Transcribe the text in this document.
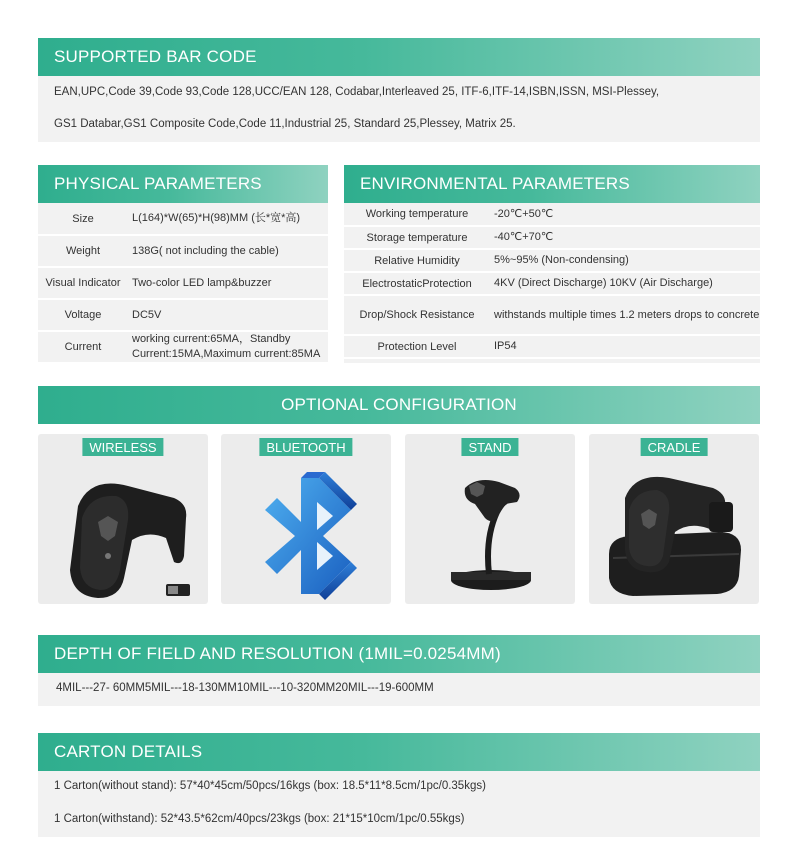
SUPPORTED BAR CODE
EAN,UPC,Code 39,Code 93,Code 128,UCC/EAN 128, Codabar,Interleaved 25, ITF-6,ITF-14,ISBN,ISSN, MSI-Plessey,
GS1 Databar,GS1 Composite Code,Code 11,Industrial 25, Standard 25,Plessey, Matrix 25.
PHYSICAL PARAMETERS
Size	L(164)*W(65)*H(98)MM (长*宽*高)
Weight	138G( not including the cable)
Visual Indicator	Two-color LED lamp&buzzer
Voltage	DC5V
Current	working current:65MA，Standby Current:15MA,Maximum current:85MA
ENVIRONMENTAL PARAMETERS
Working temperature	-20℃+50℃
Storage temperature	-40℃+70℃
Relative Humidity	5%~95% (Non-condensing)
ElectrostaticProtection	4KV (Direct Discharge) 10KV (Air Discharge)
Drop/Shock Resistance	withstands multiple times 1.2 meters drops to concrete
Protection Level	IP54
OPTIONAL CONFIGURATION
WIRELESS	BLUETOOTH	STAND	CRADLE
DEPTH OF FIELD AND RESOLUTION (1MIL=0.0254MM)
4MIL---27- 60MM5MIL---18-130MM10MIL---10-320MM20MIL---19-600MM
CARTON DETAILS
1 Carton(without stand): 57*40*45cm/50pcs/16kgs (box: 18.5*11*8.5cm/1pc/0.35kgs)
1 Carton(withstand): 52*43.5*62cm/40pcs/23kgs (box: 21*15*10cm/1pc/0.55kgs)
